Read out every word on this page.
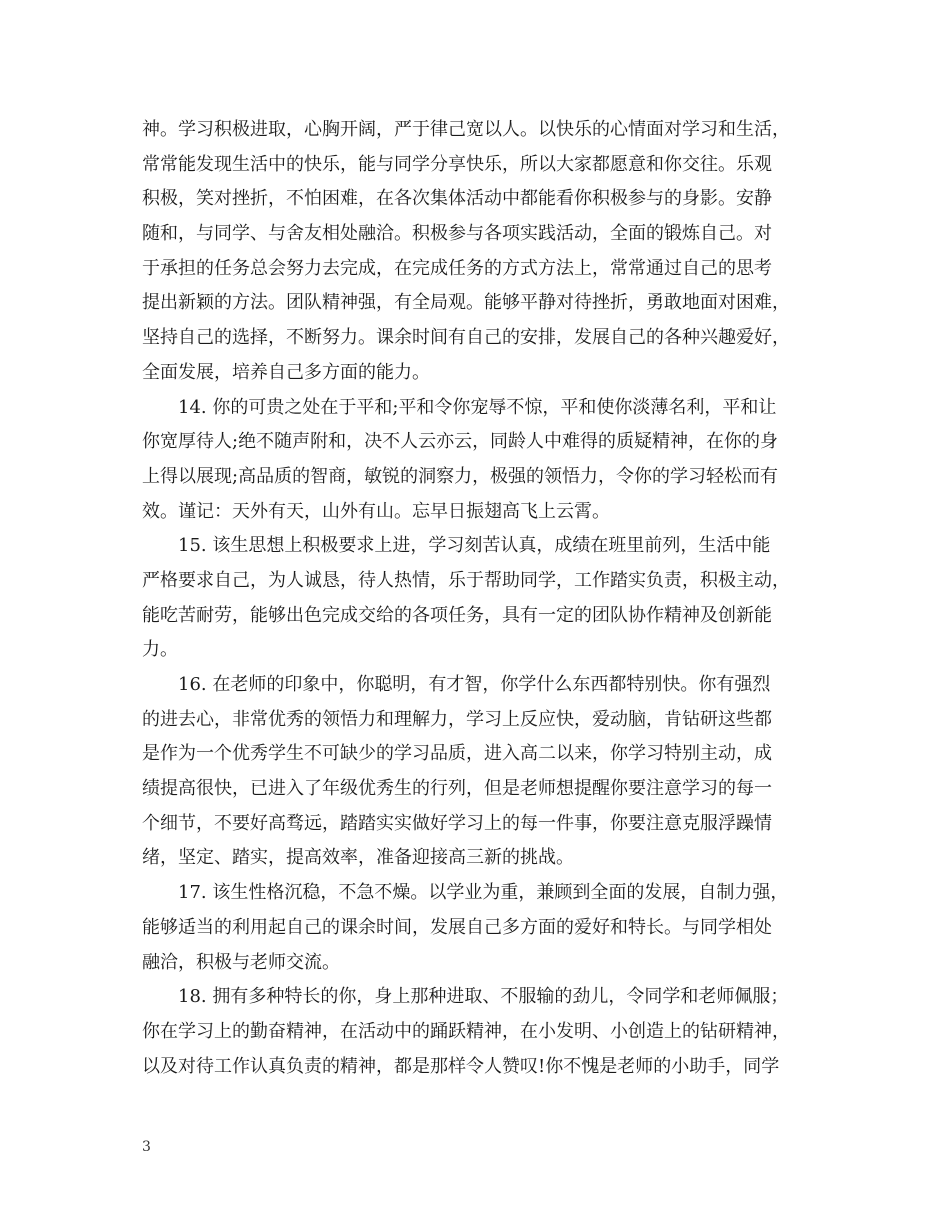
神。学习积极进取，心胸开阔，严于律己宽以人。以快乐的心情面对学习和生活，
常常能发现生活中的快乐，能与同学分享快乐，所以大家都愿意和你交往。乐观
积极，笑对挫折，不怕困难，在各次集体活动中都能看你积极参与的身影。安静
随和，与同学、与舍友相处融洽。积极参与各项实践活动，全面的锻炼自己。对
于承担的任务总会努力去完成，在完成任务的方式方法上，常常通过自己的思考
提出新颖的方法。团队精神强，有全局观。能够平静对待挫折，勇敢地面对困难，
坚持自己的选择，不断努力。课余时间有自己的安排，发展自己的各种兴趣爱好，
全面发展，培养自己多方面的能力。
14. 你的可贵之处在于平和;平和令你宠辱不惊，平和使你淡薄名利，平和让
你宽厚待人;绝不随声附和，决不人云亦云，同龄人中难得的质疑精神，在你的身
上得以展现;高品质的智商，敏锐的洞察力，极强的领悟力，令你的学习轻松而有
效。谨记：天外有天，山外有山。忘早日振翅高飞上云霄。
15. 该生思想上积极要求上进，学习刻苦认真，成绩在班里前列，生活中能
严格要求自己，为人诚恳，待人热情，乐于帮助同学，工作踏实负责，积极主动，
能吃苦耐劳，能够出色完成交给的各项任务，具有一定的团队协作精神及创新能
力。
16. 在老师的印象中，你聪明，有才智，你学什么东西都特别快。你有强烈
的进去心，非常优秀的领悟力和理解力，学习上反应快，爱动脑，肯钻研这些都
是作为一个优秀学生不可缺少的学习品质，进入高二以来，你学习特别主动，成
绩提高很快，已进入了年级优秀生的行列，但是老师想提醒你要注意学习的每一
个细节，不要好高骛远，踏踏实实做好学习上的每一件事，你要注意克服浮躁情
绪，坚定、踏实，提高效率，准备迎接高三新的挑战。
17. 该生性格沉稳，不急不燥。以学业为重，兼顾到全面的发展，自制力强，
能够适当的利用起自己的课余时间，发展自己多方面的爱好和特长。与同学相处
融洽，积极与老师交流。
18. 拥有多种特长的你，身上那种进取、不服输的劲儿，令同学和老师佩服；
你在学习上的勤奋精神，在活动中的踊跃精神，在小发明、小创造上的钻研精神，
以及对待工作认真负责的精神，都是那样令人赞叹!你不愧是老师的小助手，同学
3
